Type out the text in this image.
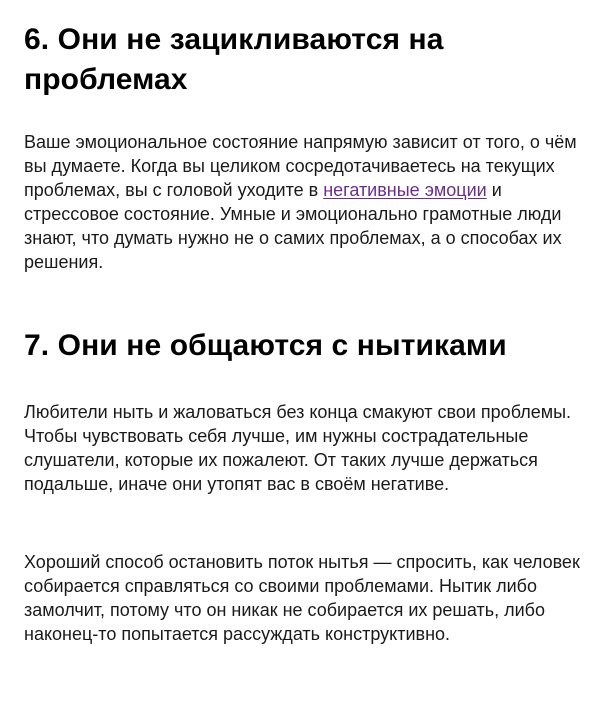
6. Они не зацикливаются на проблемах

Ваше эмоциональное состояние напрямую зависит от того, о чём вы думаете. Когда вы целиком сосредотачиваетесь на текущих проблемах, вы с головой уходите в негативные эмоции и стрессовое состояние. Умные и эмоционально грамотные люди знают, что думать нужно не о самих проблемах, а о способах их решения.

7. Они не общаются с нытиками

Любители ныть и жаловаться без конца смакуют свои проблемы. Чтобы чувствовать себя лучше, им нужны сострадательные слушатели, которые их пожалеют. От таких лучше держаться подальше, иначе они утопят вас в своём негативе.

Хороший способ остановить поток нытья — спросить, как человек собирается справляться со своими проблемами. Нытик либо замолчит, потому что он никак не собирается их решать, либо наконец-то попытается рассуждать конструктивно.
